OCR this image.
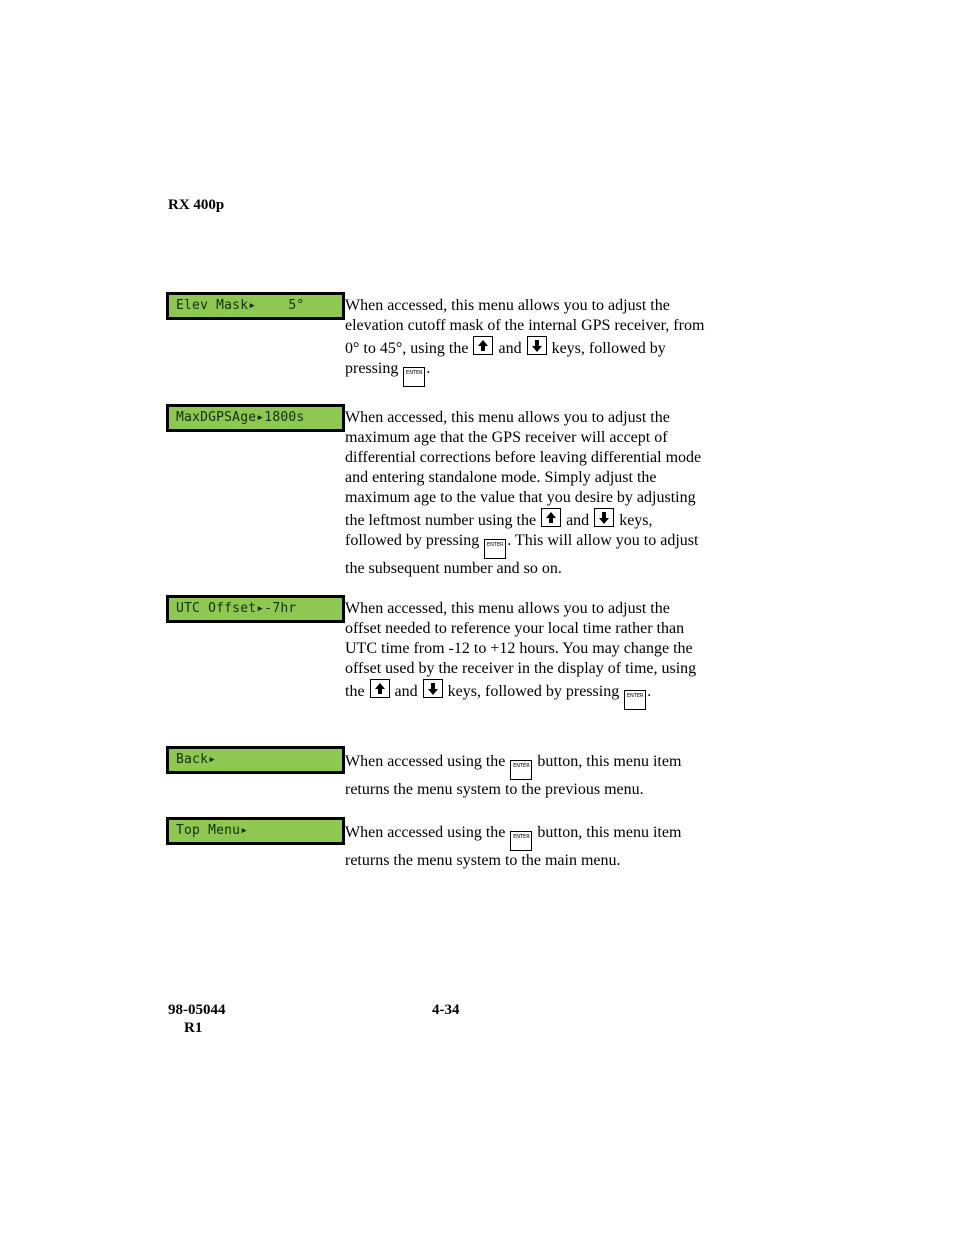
RX 400p
Elev Mask▸    5°	When accessed, this menu allows you to adjust the elevation cutoff mask of the internal GPS receiver, from 0° to 45°, using the  and  keys, followed by pressing ENTER .
MaxDGPSAge▸1800s	When accessed, this menu allows you to adjust the maximum age that the GPS receiver will accept of differential corrections before leaving differential mode and entering standalone mode. Simply adjust the maximum age to the value that you desire by adjusting the leftmost number using the  and  keys, followed by pressing ENTER . This will allow you to adjust the subsequent number and so on.
UTC Offset▸-7hr	When accessed, this menu allows you to adjust the offset needed to reference your local time rather than UTC time from -12 to +12 hours. You may change the offset used by the receiver in the display of time, using the  and  keys, followed by pressing ENTER .
Back▸	When accessed using the ENTER button, this menu item returns the menu system to the previous menu.
Top Menu▸	When accessed using the ENTER button, this menu item returns the menu system to the main menu.
98-05044
R1
4-34
